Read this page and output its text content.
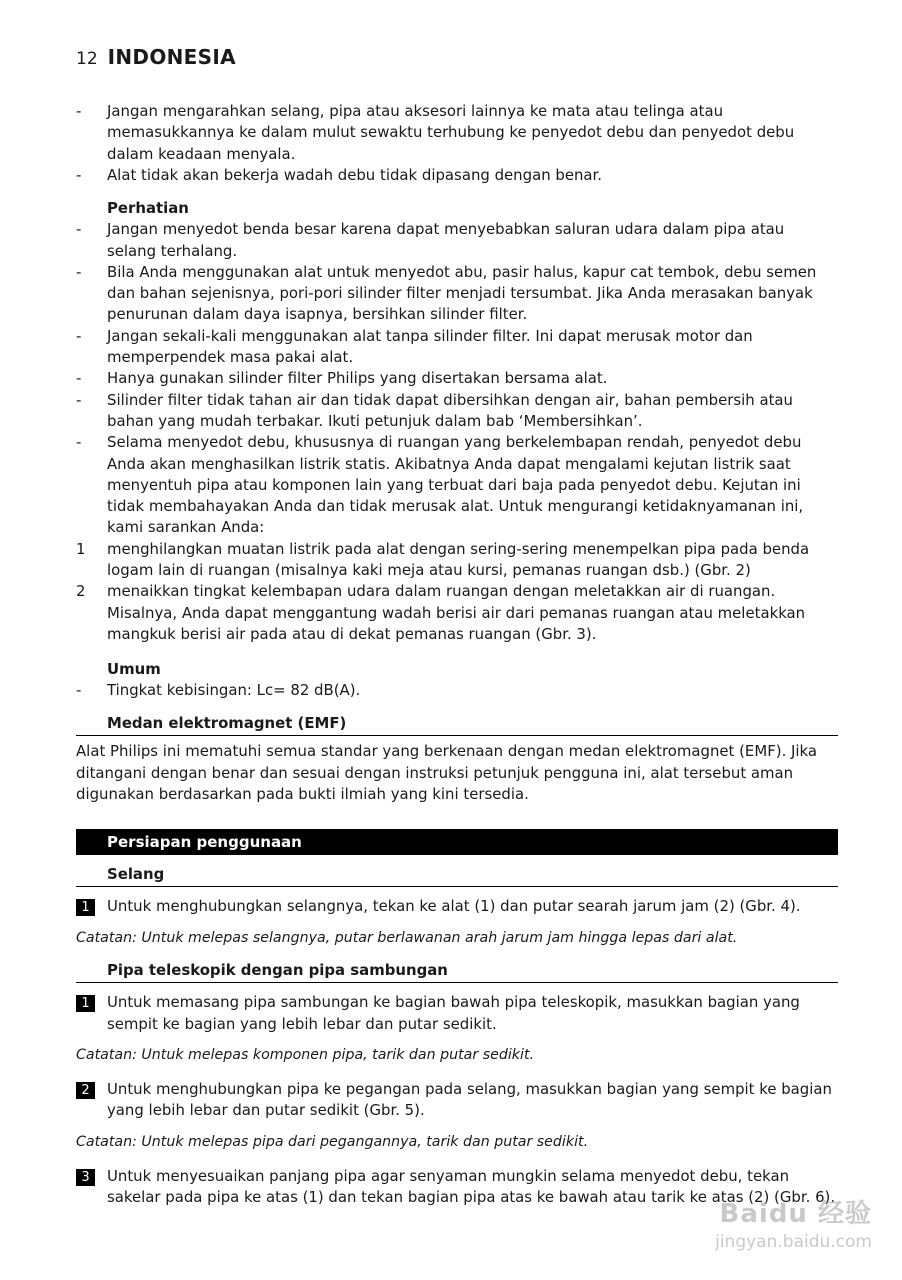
12 INDONESIA
-	Jangan mengarahkan selang, pipa atau aksesori lainnya ke mata atau telinga atau memasukkannya ke dalam mulut sewaktu terhubung ke penyedot debu dan penyedot debu dalam keadaan menyala.
-	Alat tidak akan bekerja wadah debu tidak dipasang dengan benar.
Perhatian
-	Jangan menyedot benda besar karena dapat menyebabkan saluran udara dalam pipa atau selang terhalang.
-	Bila Anda menggunakan alat untuk menyedot abu, pasir halus, kapur cat tembok, debu semen dan bahan sejenisnya, pori-pori silinder filter menjadi tersumbat. Jika Anda merasakan banyak penurunan dalam daya isapnya, bersihkan silinder filter.
-	Jangan sekali-kali menggunakan alat tanpa silinder filter. Ini dapat merusak motor dan memperpendek masa pakai alat.
-	Hanya gunakan silinder filter Philips yang disertakan bersama alat.
-	Silinder filter tidak tahan air dan tidak dapat dibersihkan dengan air, bahan pembersih atau bahan yang mudah terbakar. Ikuti petunjuk dalam bab ‘Membersihkan’.
-	Selama menyedot debu, khususnya di ruangan yang berkelembapan rendah, penyedot debu Anda akan menghasilkan listrik statis. Akibatnya Anda dapat mengalami kejutan listrik saat menyentuh pipa atau komponen lain yang terbuat dari baja pada penyedot debu. Kejutan ini tidak membahayakan Anda dan tidak merusak alat. Untuk mengurangi ketidaknyamanan ini, kami sarankan Anda:
1	menghilangkan muatan listrik pada alat dengan sering-sering menempelkan pipa pada benda logam lain di ruangan (misalnya kaki meja atau kursi, pemanas ruangan dsb.) (Gbr. 2)
2	menaikkan tingkat kelembapan udara dalam ruangan dengan meletakkan air di ruangan. Misalnya, Anda dapat menggantung wadah berisi air dari pemanas ruangan atau meletakkan mangkuk berisi air pada atau di dekat pemanas ruangan (Gbr. 3).
Umum
-	Tingkat kebisingan: Lc= 82 dB(A).
Medan elektromagnet (EMF)
Alat Philips ini mematuhi semua standar yang berkenaan dengan medan elektromagnet (EMF). Jika ditangani dengan benar dan sesuai dengan instruksi petunjuk pengguna ini, alat tersebut aman digunakan berdasarkan pada bukti ilmiah yang kini tersedia.
Persiapan penggunaan
Selang
1	Untuk menghubungkan selangnya, tekan ke alat (1) dan putar searah jarum jam (2) (Gbr. 4).
Catatan: Untuk melepas selangnya, putar berlawanan arah jarum jam hingga lepas dari alat.
Pipa teleskopik dengan pipa sambungan
1	Untuk memasang pipa sambungan ke bagian bawah pipa teleskopik, masukkan bagian yang sempit ke bagian yang lebih lebar dan putar sedikit.
Catatan: Untuk melepas komponen pipa, tarik dan putar sedikit.
2	Untuk menghubungkan pipa ke pegangan pada selang, masukkan bagian yang sempit ke bagian yang lebih lebar dan putar sedikit (Gbr. 5).
Catatan: Untuk melepas pipa dari pegangannya, tarik dan putar sedikit.
3	Untuk menyesuaikan panjang pipa agar senyaman mungkin selama menyedot debu, tekan sakelar pada pipa ke atas (1) dan tekan bagian pipa atas ke bawah atau tarik ke atas (2) (Gbr. 6).
Baidu 经验
jingyan.baidu.com
